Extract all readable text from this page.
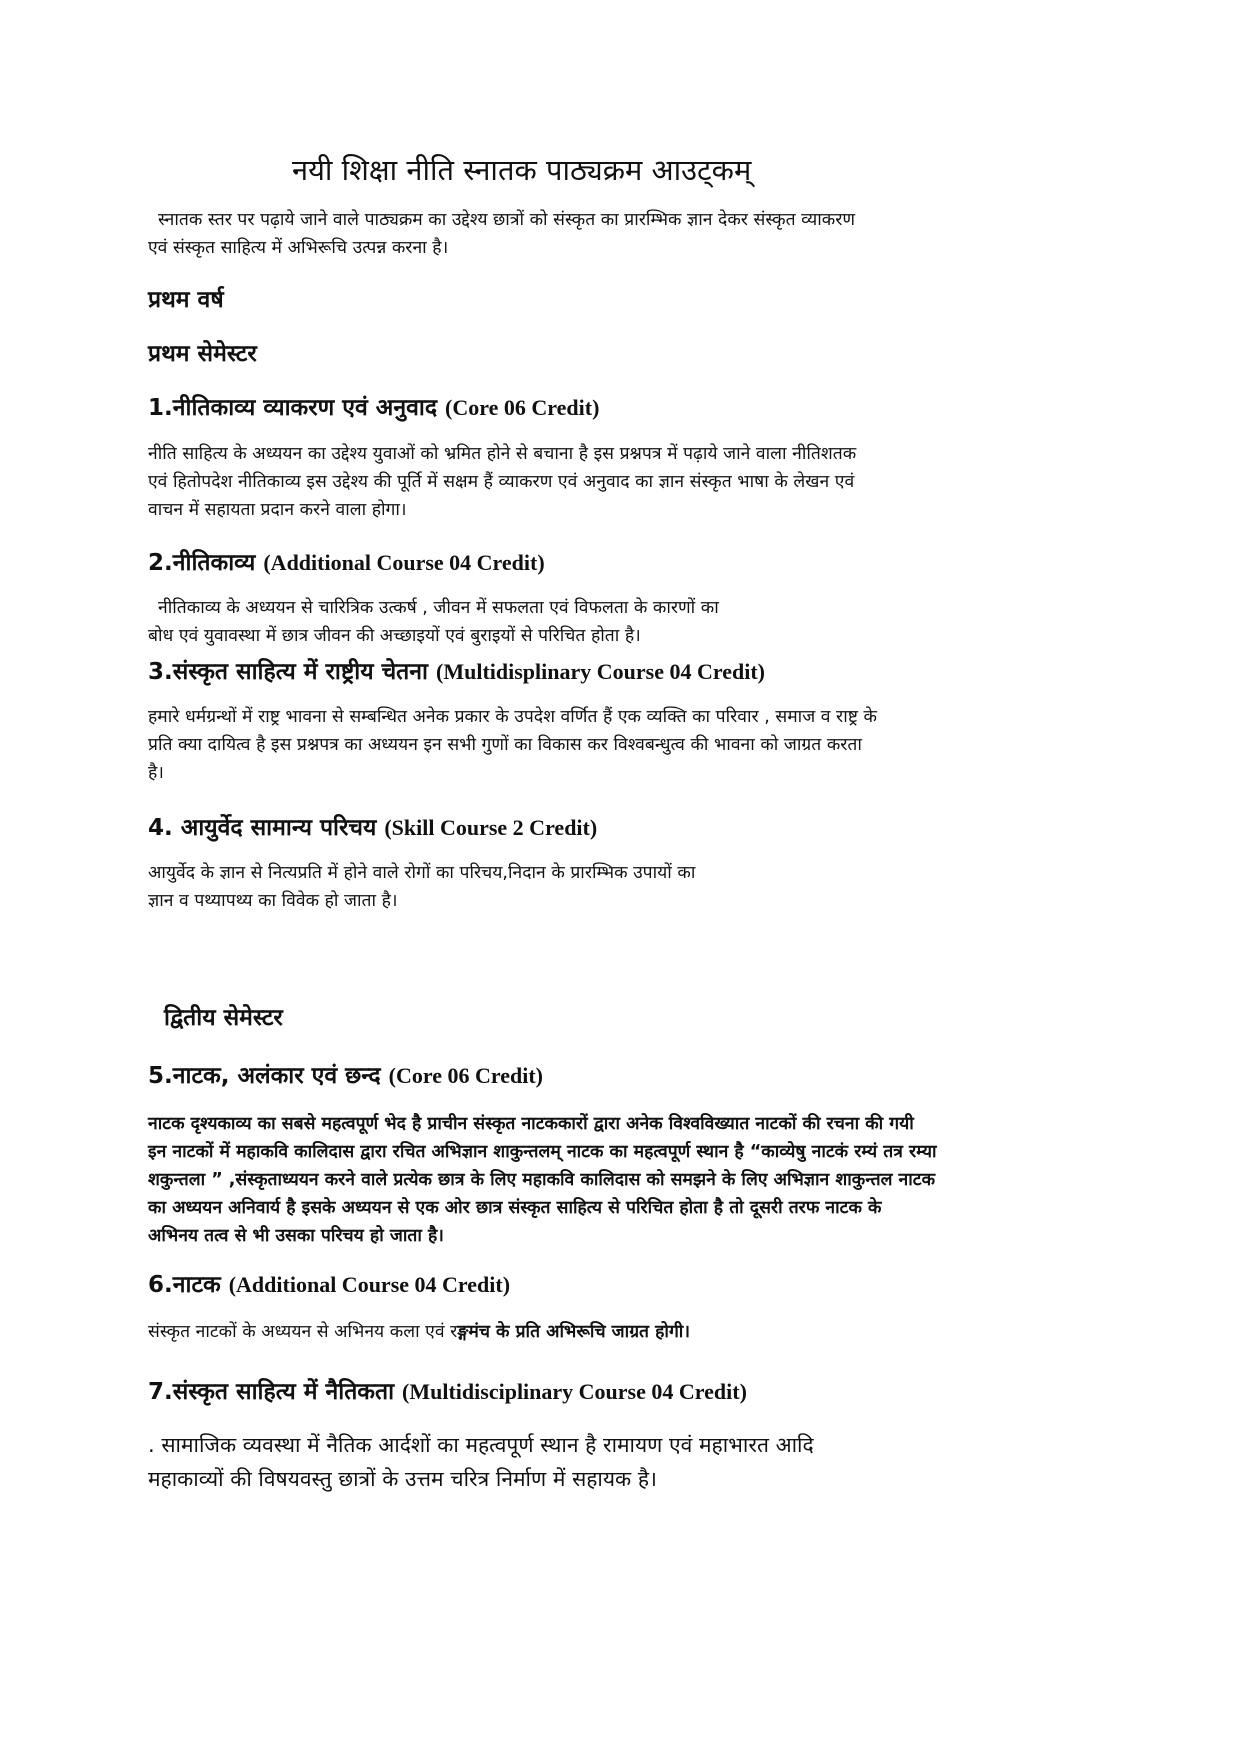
नयी शिक्षा नीति स्नातक पाठ्यक्रम आउट्कम्
स्नातक स्तर पर पढ़ाये जाने वाले पाठ्यक्रम का उद्देश्य छात्रों को संस्कृत का प्रारम्भिक ज्ञान देकर संस्कृत व्याकरण
एवं संस्कृत साहित्य में अभिरूचि उत्पन्न करना है।
प्रथम वर्ष
प्रथम सेमेस्टर
1.नीतिकाव्य व्याकरण एवं अनुवाद (Core 06 Credit)
नीति साहित्य के अध्ययन का उद्देश्य युवाओं को भ्रमित होने से बचाना है इस प्रश्नपत्र में पढ़ाये जाने वाला नीतिशतक
एवं हितोपदेश नीतिकाव्य इस उद्देश्य की पूर्ति में सक्षम हैं व्याकरण एवं अनुवाद का ज्ञान संस्कृत भाषा के लेखन एवं
वाचन में सहायता प्रदान करने वाला होगा।
2.नीतिकाव्य (Additional Course 04 Credit)
नीतिकाव्य के अध्ययन से चारित्रिक उत्कर्ष , जीवन में सफलता एवं विफलता के कारणों का
बोध एवं युवावस्था में छात्र जीवन की अच्छाइयों एवं बुराइयों से परिचित होता है।
3.संस्कृत साहित्य में राष्ट्रीय चेतना (Multidisplinary Course 04 Credit)
हमारे धर्मग्रन्थों में राष्ट्र भावना से सम्बन्धित अनेक प्रकार के उपदेश वर्णित हैं एक व्यक्ति का परिवार , समाज व राष्ट्र के
प्रति क्या दायित्व है इस प्रश्नपत्र का अध्ययन इन सभी गुणों का विकास कर विश्वबन्धुत्व की भावना को जाग्रत करता
है।
4. आयुर्वेद सामान्य परिचय (Skill Course 2 Credit)
आयुर्वेद के ज्ञान से नित्यप्रति में होने वाले रोगों का परिचय,निदान के प्रारम्भिक उपायों का
ज्ञान व पथ्यापथ्य का विवेक हो जाता है।
द्वितीय सेमेस्टर
5.नाटक, अलंकार एवं छन्द (Core 06 Credit)
नाटक दृश्यकाव्य का सबसे महत्वपूर्ण भेद है प्राचीन संस्कृत नाटककारों द्वारा अनेक विश्वविख्यात नाटकों की रचना की गयी
इन नाटकों में महाकवि कालिदास द्वारा रचित अभिज्ञान शाकुन्तलम् नाटक का महत्वपूर्ण स्थान है “काव्येषु नाटकं रम्यं तत्र रम्या
शकुन्तला ” ,संस्कृताध्ययन करने वाले प्रत्येक छात्र के लिए महाकवि कालिदास को समझने के लिए अभिज्ञान शाकुन्तल नाटक
का अध्ययन अनिवार्य है इसके अध्ययन से एक ओर छात्र संस्कृत साहित्य से परिचित होता है तो दूसरी तरफ नाटक के
अभिनय तत्व से भी उसका परिचय हो जाता है।
6.नाटक (Additional Course 04 Credit)
संस्कृत नाटकों के अध्ययन से अभिनय कला एवं रङ्गमंच के प्रति अभिरूचि जाग्रत होगी।
7.संस्कृत साहित्य में नैतिकता (Multidisciplinary Course 04 Credit)
. सामाजिक व्यवस्था में नैतिक आर्दशों का महत्वपूर्ण स्थान है रामायण एवं महाभारत आदि
महाकाव्यों की विषयवस्तु छात्रों के उत्तम चरित्र निर्माण में सहायक है।
